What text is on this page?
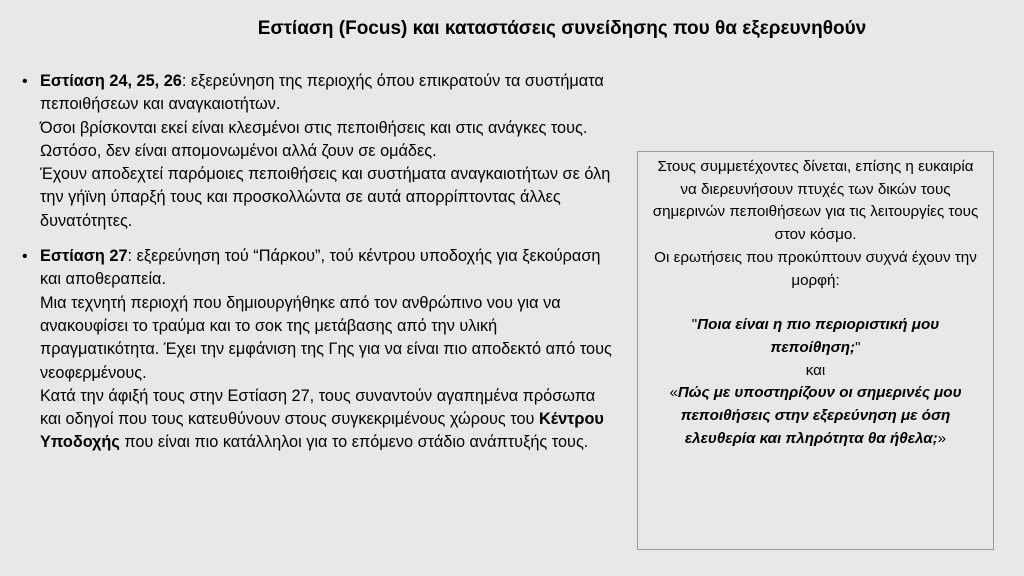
Εστίαση (Focus) και καταστάσεις συνείδησης που θα εξερευνηθούν
• Εστίαση 24, 25, 26: εξερεύνηση της περιοχής όπου επικρατούν τα συστήματα πεποιθήσεων και αναγκαιοτήτων.

Όσοι βρίσκονται εκεί είναι κλεσμένοι στις πεποιθήσεις και στις ανάγκες τους.

Ωστόσο, δεν είναι απομονωμένοι αλλά ζουν σε ομάδες.

Έχουν αποδεχτεί παρόμοιες πεποιθήσεις και συστήματα αναγκαιοτήτων σε όλη την γήϊνη ύπαρξή τους και προσκολλώντα σε αυτά απορρίπτοντας άλλες δυνατότητες.

• Εστίαση 27: εξερεύνηση τού “Πάρκου”, τού κέντρου υποδοχής για ξεκούραση και αποθεραπεία.

Μια τεχνητή περιοχή που δημιουργήθηκε από τον ανθρώπινο νου για να ανακουφίσει το τραύμα και το σοκ της μετάβασης από την υλική πραγματικότητα. Έχει την εμφάνιση της Γης για να είναι πιο αποδεκτό από τους νεοφερμένους.

Κατά την άφιξή τους στην Εστίαση 27, τους συναντούν αγαπημένα πρόσωπα και οδηγοί που τους κατευθύνουν στους συγκεκριμένους χώρους του Κέντρου Υποδοχής που είναι πιο κατάλληλοι για το επόμενο στάδιο ανάπτυξής τους.

Στους συμμετέχοντες δίνεται, επίσης η ευκαιρία να διερευνήσουν πτυχές των δικών τους σημερινών πεποιθήσεων για τις λειτουργίες τους στον κόσμο.

Οι ερωτήσεις που προκύπτουν συχνά έχουν την μορφή:

"Ποια είναι η πιο περιοριστική μου πεποίθηση;"

και

«Πώς με υποστηρίζουν οι σημερινές μου πεποιθήσεις στην εξερεύνηση με όση ελευθερία και πληρότητα θα ήθελα;»
